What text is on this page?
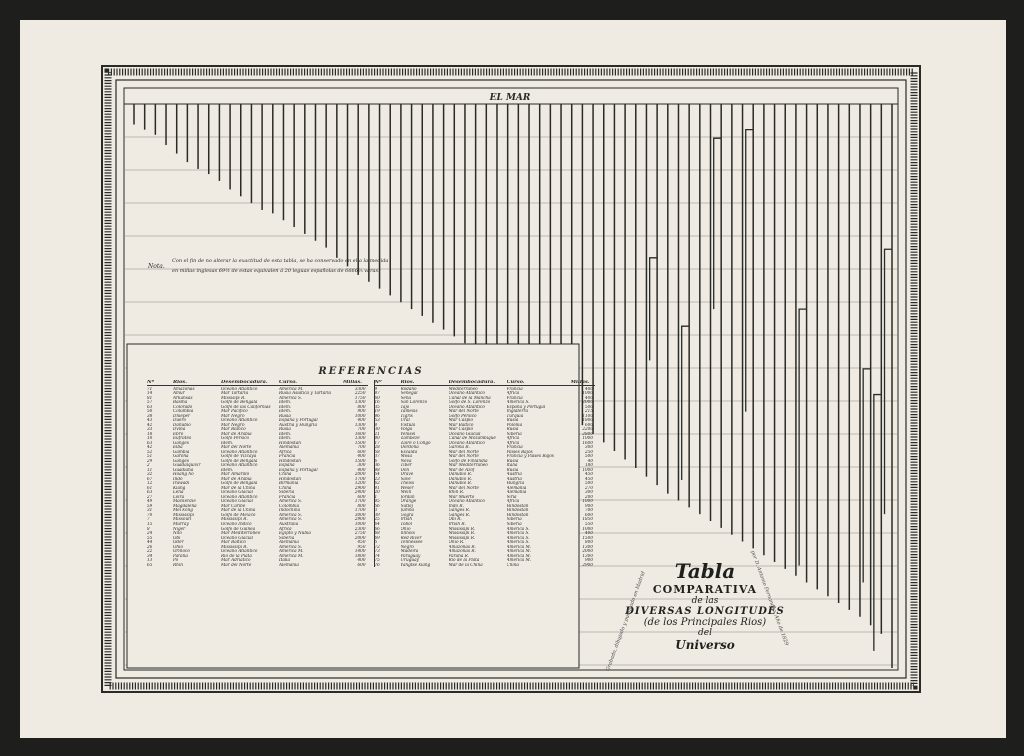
EL MAR
Nota.
Con el fin de no alterar la exactitud de esta tabla, se ha conservado en ella la medida
en millas inglesas 69½ de estas equivalen á 20 leguas españolas de 6666⅔ varas.
REFERENCIAS
Nº	Rios.	Desembocadura.	Curso.	Millas.
71	Amazonas	Oceano Atlántico	America M.	3300
14	Amur	Mar Tartaria	Rusia Asiatica y Tartaria	2250
81	Arkansas	Missisipi R.	America S.	1750
57	Basma	Golfo de Bengala	Idem.	1300
63	Colorado	Golfo de las Californias	Idem.	800
50	Columbia	Mar Pacifico	Idem.	900
38	Dnieper	Mar Negro	Rusia	1000
43	Duero	Oceano Atlántico	España y Portugal	400
42	Danubio	Mar Negro	Austria y Hungria	1300
33	Dvina	Mar Blanco	Rusia	700
18	Ebro	Mar de Arabia	Idem.	1600
10	Eufrates	Golfo Persico	Idem.	1300
63	Ganges	Idem.	Hindostan	1500
42	Elba	Mar del Norte	Alemania	700
52	Gambia	Oceano Atlántico	Africa	600
51	Garona	Golfo de Vizcaya	Francia	400
29	Ganges	Golfo de Bengala	Hindostan	1500
2	Guadalquivir	Oceano Atlántico	España	300
11	Guadiana	Idem.	España y Portugal	400
32	Hoang ho	Mar Amarillo	China	2000
67	Indo	Mar de Arabia	Hindostan	1700
12	Irawadi	Golfo de Bengala	Birmania	1200
61	Kiang	Mar de la China	China	2900
63	Lena	Oceano Glacial	Siberia	2400
27	Loira	Oceano Atlántico	Francia	600
49	Mackenzie	Oceano Glacial	America S.	1700
59	Magdalena	Mar Caribe	Colombia	800
31	Mei kong	Mar de la China	Indochina	1700
70	Mississipi	Golfo de Mexico	America S.	3000
7	Missouri	Mississipi R.	America S.	2900
15	Murray	Oceano Indico	Australia	1000
8	Niger	Golfo de Guinea	Africa	2300
24	Nilo	Mar Mediterraneo	Egipto y Nubia	2750
55	Obi	Oceano Glacial	Siberia	2000
44	Oder	Mar Baltico	Alemania	450
26	Ohio	Mississipi R.	America S.	950
22	Orinoco	Oceano Atlántico	America M.	1400
34	Parana	Rio de la Plata	America M.	1800
13	Po	Mar Adriatico	Italia	400
65	Rhin	Mar del Norte	Alemania	600
Nº	Rios.	Desembocadura.	Curso.	Millas.
9	Rodano	Mediterraneo	Francia	400
47	Senegal	Oceano Atlántico	Africa	1000
60	Sena	Canal de la Mancha	Francia	400
16	San Lorenzo	Golfo de S. Lorenzo	America S.	2000
35	Tajo	Oceano Atlántico	España y Portugal	500
19	Tamesis	Mar del Norte	Inglaterra	215
46	Tigris	Golfo Persico	Turquia	1100
53	Ural	Mar Caspio	Rusia	1800
4	Vistula	Mar Baltico	Polonia	600
30	Volga	Mar Caspio	Rusia	2200
21	Yenisei	Oceano Glacial	Siberia	2800
40	Zambeze	Canal de Mozambique	Africa	1000
17	Zaire o Congo	Oceano Atlántico	Africa	1600
28	Dordoña	Garona R.	Francia	300
58	Escalda	Mar del Norte	Paises Bajos	250
37	Mosa	Mar del Norte	Francia y Paises Bajos	500
6	Neva	Golfo de Finlandia	Rusia	40
36	Tiber	Mar Mediterraneo	Italia	180
48	Don	Mar de Azof	Rusia	1000
54	Drave	Danubio R.	Austria	450
23	Save	Danubio R.	Austria	450
62	Theiss	Danubio R.	Hungria	500
41	Weser	Mar del Norte	Alemania	270
20	Mein	Rhin R.	Alemania	300
1	Jordan	Mar Muerto	Siria	200
45	Orange	Oceano Atlántico	Africa	1000
56	Sutlej	Indo R.	Hindostan	900
3	Jumna	Ganges R.	Hindostan	700
39	Gogra	Ganges R.	Hindostan	600
25	Irtish	Obi R.	Siberia	1850
64	Tobol	Irtish R.	Siberia	550
66	Ohio	Mississipi R.	America S.	1000
68	Illinois	Mississipi R.	America S.	400
69	Red River	Mississipi R.	America S.	1500
5	Tennessee	Ohio R.	America S.	800
72	Negro	Amazonas R.	America M.	1300
73	Madeira	Amazonas R.	America M.	2000
74	Paraguay	Parana R.	America M.	1300
75	Uruguay	Rio de la Plata	America M.	900
76	Yangtse kiang	Mar de la China	China	2900	Tabla
COMPARATIVA
de las
DIVERSAS LONGITUDES
(de los Principales Rios)
del
Universo
Grabado, dibujado y publicado en Madrid	por D. Antonio Fernandez. Año de 1829
